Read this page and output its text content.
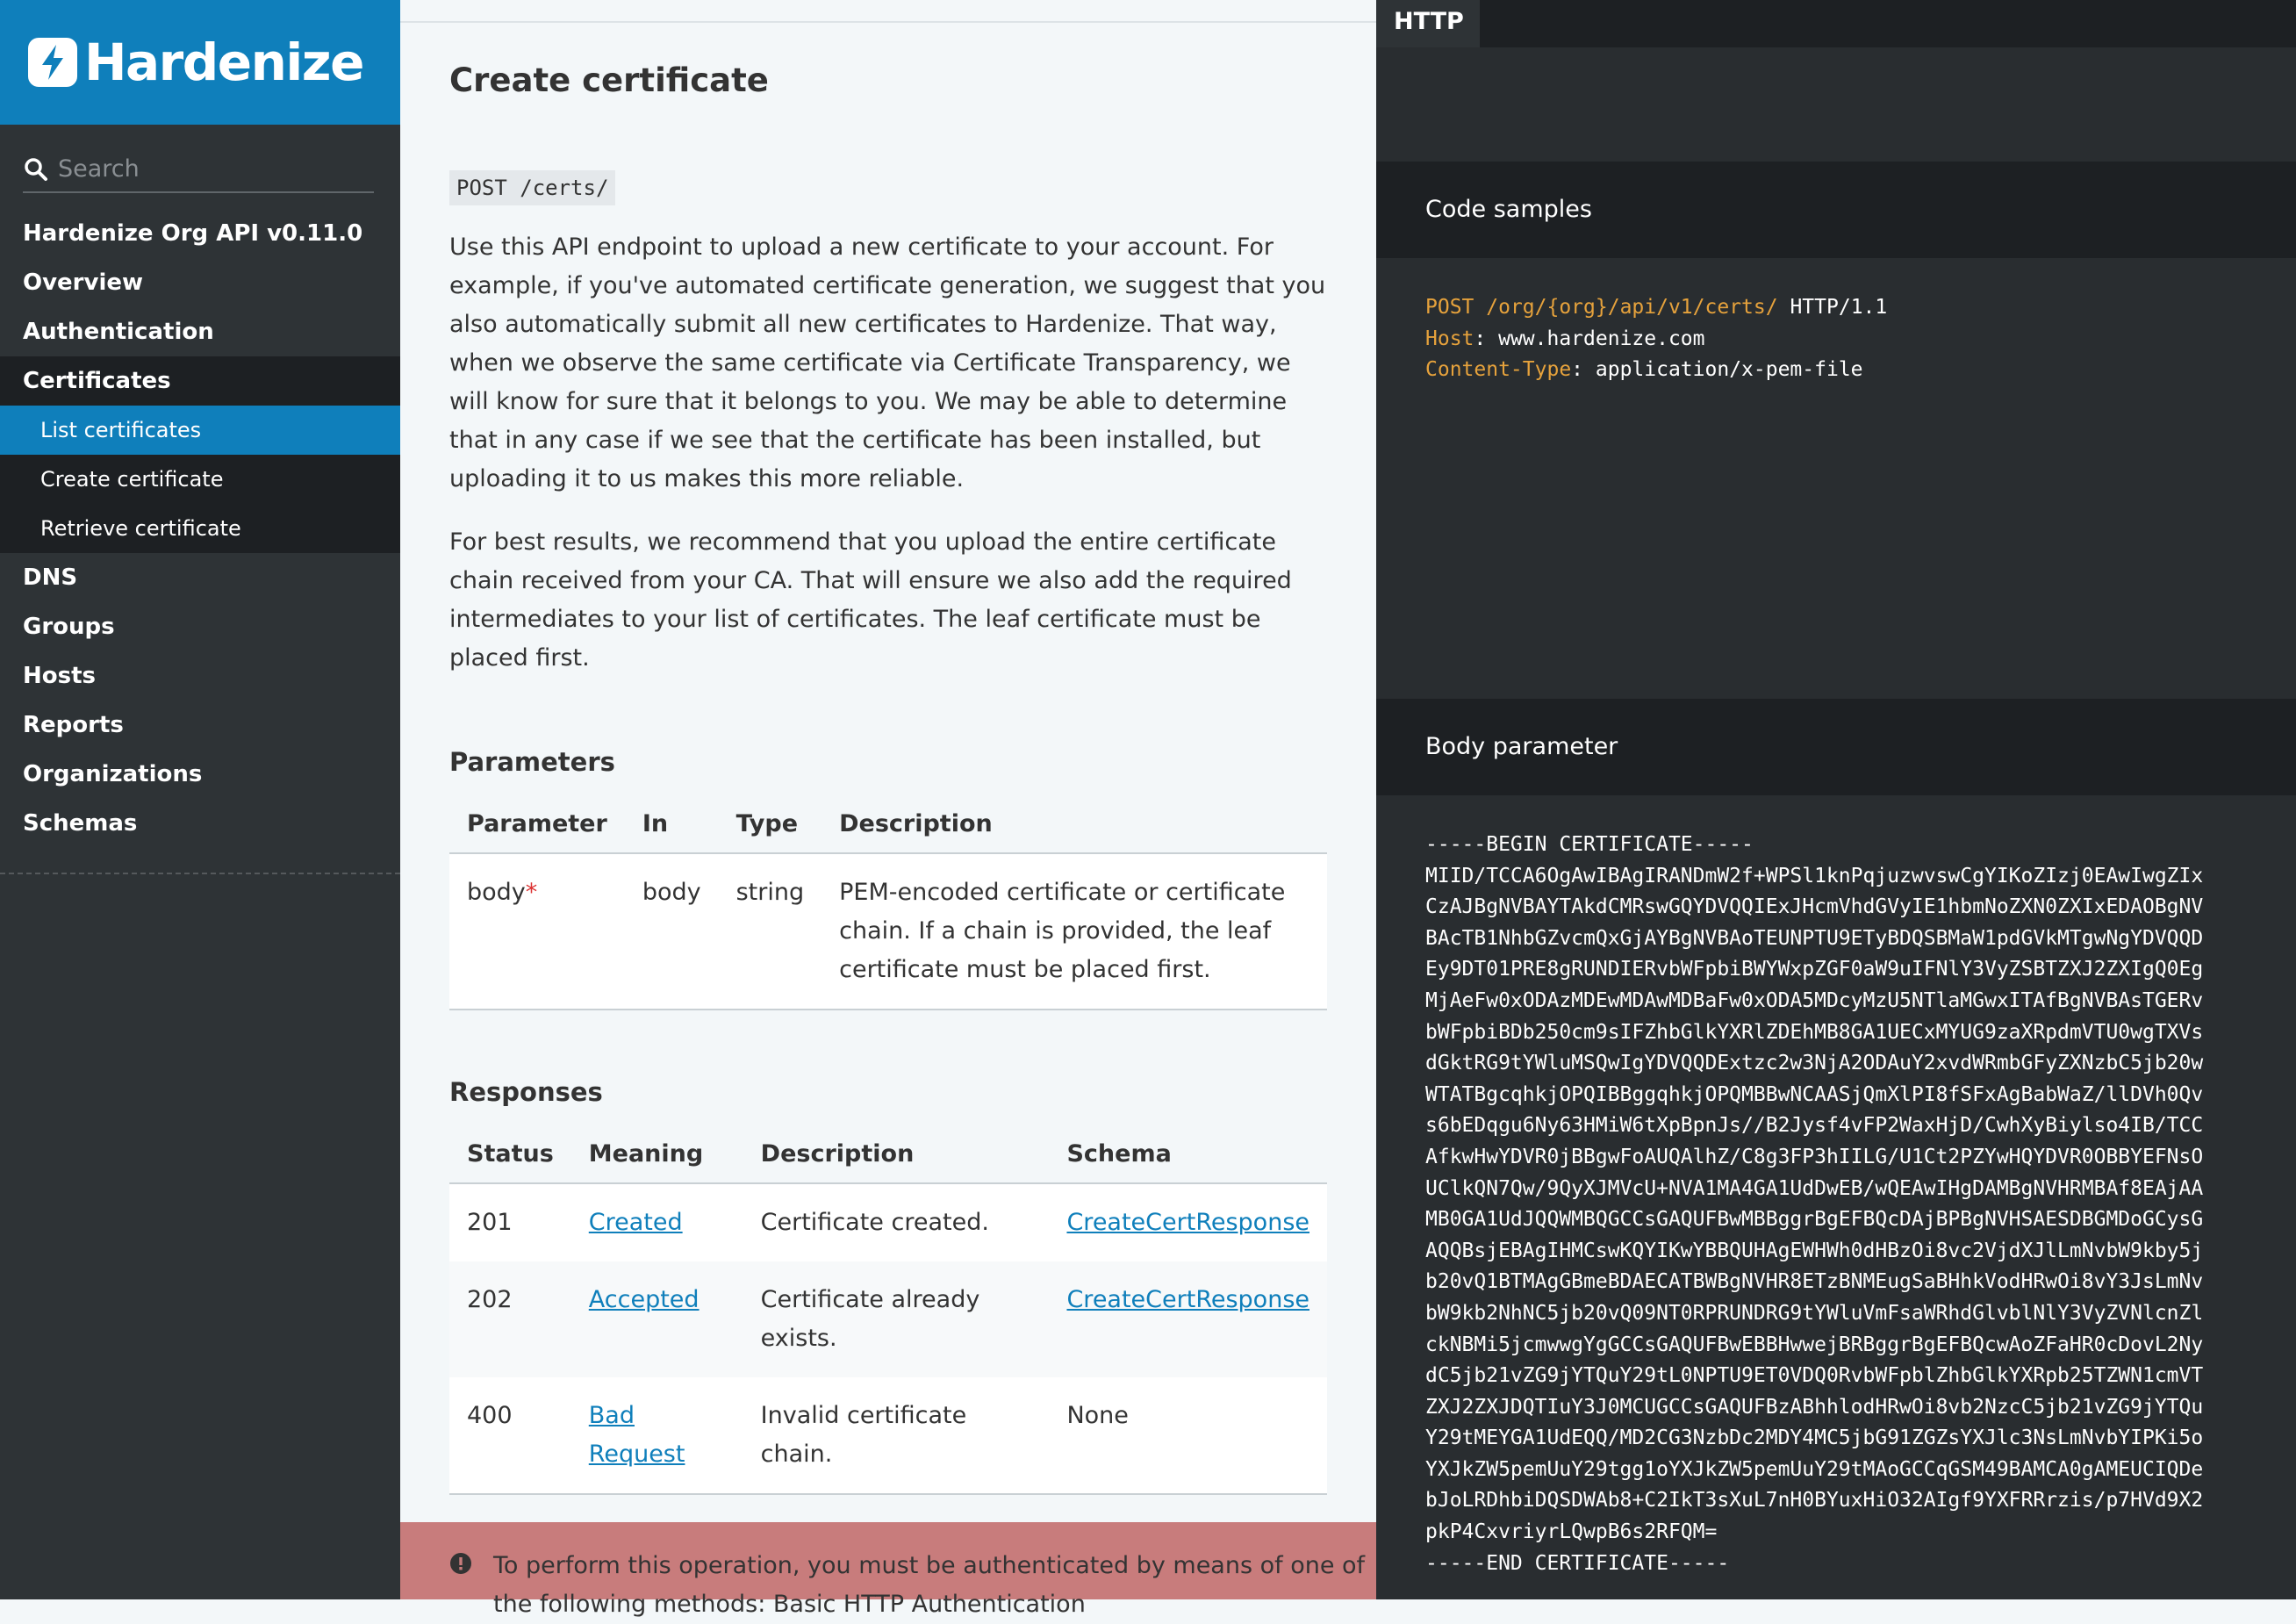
Hardenize
Search
Hardenize Org API v0.11.0
Overview
Authentication
Certificates
List certificates
Create certificate
Retrieve certificate
DNS
Groups
Hosts
Reports
Organizations
Schemas
Create certificate
POST /certs/

Use this API endpoint to upload a new certificate to your account. For example, if you've automated certificate generation, we suggest that you also automatically submit all new certificates to Hardenize. That way, when we observe the same certificate via Certificate Transparency, we will know for sure that it belongs to you. We may be able to determine that in any case if we see that the certificate has been installed, but uploading it to us makes this more reliable.

For best results, we recommend that you upload the entire certificate chain received from your CA. That will ensure we also add the required intermediates to your list of certificates. The leaf certificate must be placed first.

Parameters
Parameter	In	Type	Description
body*	body	string	PEM-encoded certificate or certificate chain. If a chain is provided, the leaf certificate must be placed first.
Responses
Status	Meaning	Description	Schema
201	Created	Certificate created.	CreateCertResponse
202	Accepted	Certificate already exists.	CreateCertResponse
400	Bad Request	Invalid certificate chain.	None
To perform this operation, you must be authenticated by means of one of the following methods: Basic HTTP Authentication
HTTP
Code samples
POST /org/{org}/api/v1/certs/ HTTP/1.1
Host: www.hardenize.com
Content-Type: application/x-pem-file
Body parameter
-----BEGIN CERTIFICATE-----
MIID/TCCA6OgAwIBAgIRANDmW2f+WPSl1knPqjuzwvswCgYIKoZIzj0EAwIwgZIx
CzAJBgNVBAYTAkdCMRswGQYDVQQIExJHcmVhdGVyIE1hbmNoZXN0ZXIxEDAOBgNV
BAcTB1NhbGZvcmQxGjAYBgNVBAoTEUNPTU9ETyBDQSBMaW1pdGVkMTgwNgYDVQQD
Ey9DT01PRE8gRUNDIERvbWFpbiBWYWxpZGF0aW9uIFNlY3VyZSBTZXJ2ZXIgQ0Eg
MjAeFw0xODAzMDEwMDAwMDBaFw0xODA5MDcyMzU5NTlaMGwxITAfBgNVBAsTGERv
bWFpbiBDb250cm9sIFZhbGlkYXRlZDEhMB8GA1UECxMYUG9zaXRpdmVTU0wgTXVs
dGktRG9tYWluMSQwIgYDVQQDExtzc2w3NjA2ODAuY2xvdWRmbGFyZXNzbC5jb20w
WTATBgcqhkjOPQIBBggqhkjOPQMBBwNCAASjQmXlPI8fSFxAgBabWaZ/llDVh0Qv
s6bEDqgu6Ny63HMiW6tXpBpnJs//B2Jysf4vFP2WaxHjD/CwhXyBiylso4IB/TCC
AfkwHwYDVR0jBBgwFoAUQAlhZ/C8g3FP3hIILG/U1Ct2PZYwHQYDVR0OBBYEFNsO
UClkQN7Qw/9QyXJMVcU+NVA1MA4GA1UdDwEB/wQEAwIHgDAMBgNVHRMBAf8EAjAA
MB0GA1UdJQQWMBQGCCsGAQUFBwMBBggrBgEFBQcDAjBPBgNVHSAESDBGMDoGCysG
AQQBsjEBAgIHMCswKQYIKwYBBQUHAgEWHWh0dHBzOi8vc2VjdXJlLmNvbW9kby5j
b20vQ1BTMAgGBmeBDAECATBWBgNVHR8ETzBNMEugSaBHhkVodHRwOi8vY3JsLmNv
bW9kb2NhNC5jb20vQ09NT0RPRUNDRG9tYWluVmFsaWRhdGlvblNlY3VyZVNlcnZl
ckNBMi5jcmwwgYgGCCsGAQUFBwEBBHwwejBRBggrBgEFBQcwAoZFaHR0cDovL2Ny
dC5jb21vZG9jYTQuY29tL0NPTU9ET0VDQ0RvbWFpblZhbGlkYXRpb25TZWN1cmVT
ZXJ2ZXJDQTIuY3J0MCUGCCsGAQUFBzABhhlodHRwOi8vb2NzcC5jb21vZG9jYTQu
Y29tMEYGA1UdEQQ/MD2CG3NzbDc2MDY4MC5jbG91ZGZsYXJlc3NsLmNvbYIPKi5o
YXJkZW5pemUuY29tgg1oYXJkZW5pemUuY29tMAoGCCqGSM49BAMCA0gAMEUCIQDe
bJoLRDhbiDQSDWAb8+C2IkT3sXuL7nH0BYuxHiO32AIgf9YXFRRrzis/p7HVd9X2
pkP4CxvriyrLQwpB6s2RFQM=
-----END CERTIFICATE-----
